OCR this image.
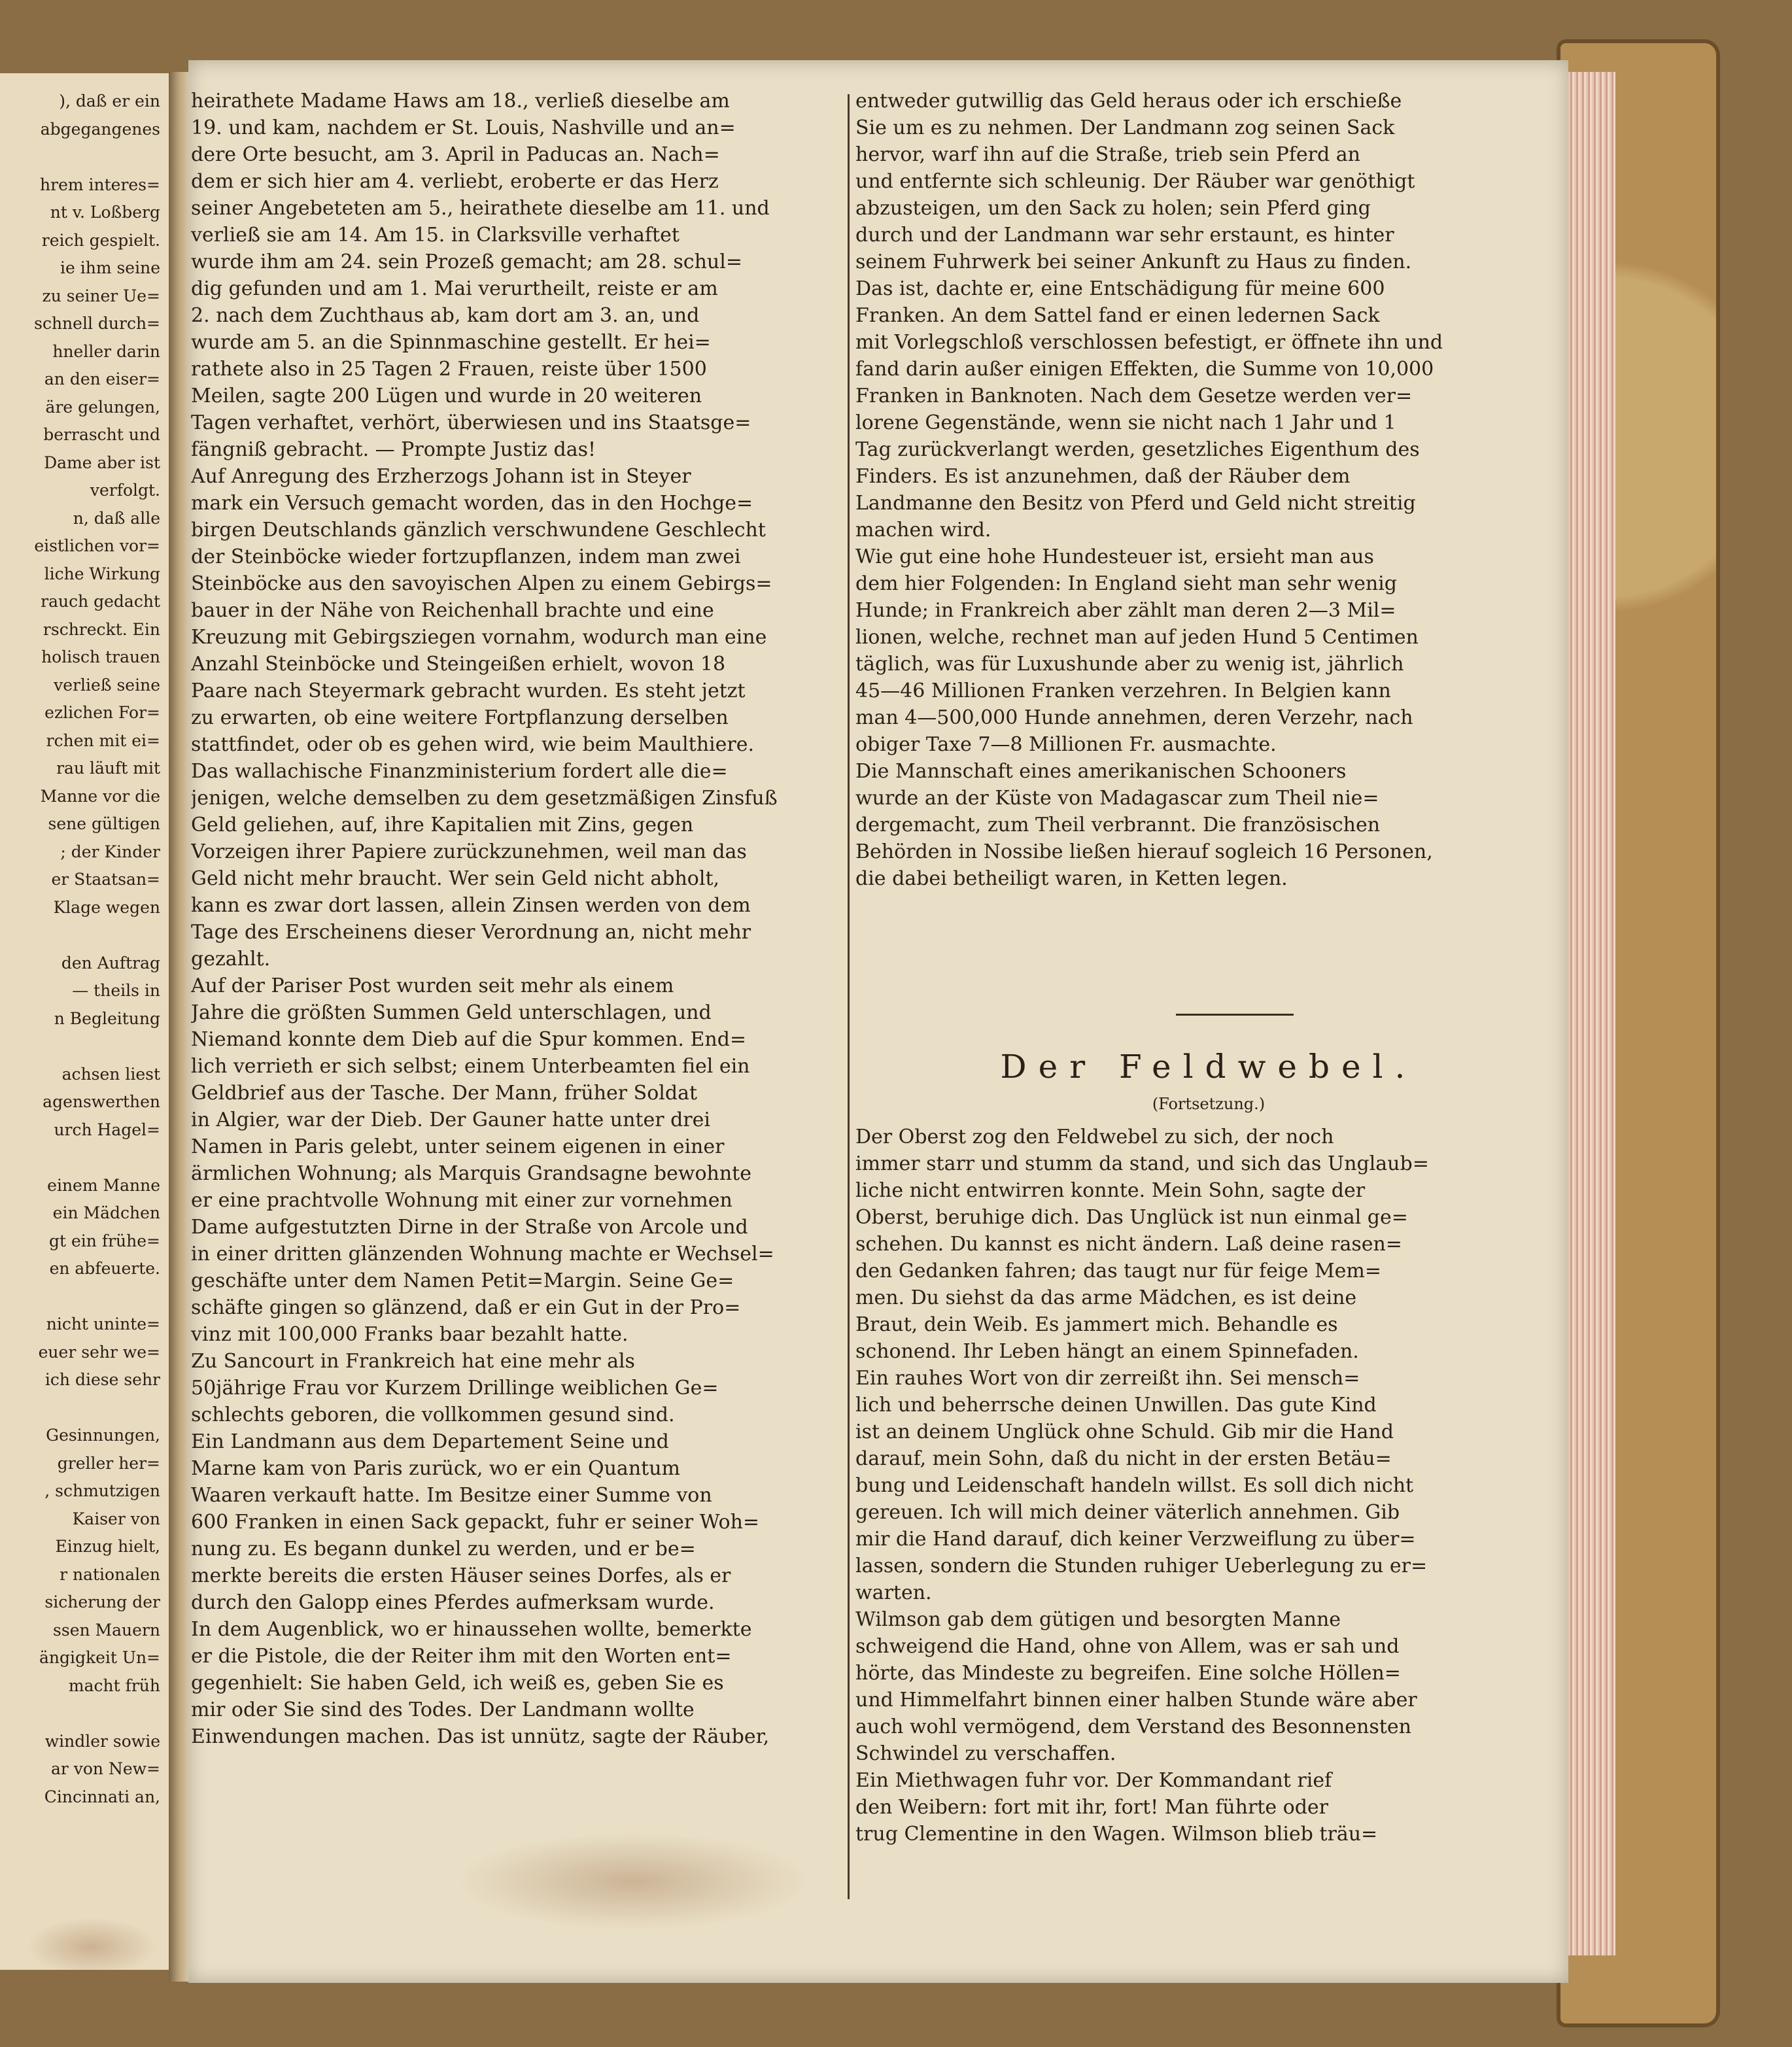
), daß er ein
abgegangenes
hrem interes=
nt v. Loßberg
reich gespielt.
ie ihm seine
zu seiner Ue=
schnell durch=
hneller darin
an den eiser=
äre gelungen,
berrascht und
Dame aber ist
verfolgt.
n, daß alle
eistlichen vor=
liche Wirkung
rauch gedacht
rschreckt. Ein
holisch trauen
verließ seine
ezlichen For=
rchen mit ei=
rau läuft mit
Manne vor die
sene gültigen
; der Kinder
er Staatsan=
Klage wegen
den Auftrag
— theils in
n Begleitung
achsen liest
agenswerthen
urch Hagel=
einem Manne
ein Mädchen
gt ein frühe=
en abfeuerte.
nicht uninte=
euer sehr we=
ich diese sehr
Gesinnungen,
greller her=
, schmutzigen
Kaiser von
Einzug hielt,
r nationalen
sicherung der
ssen Mauern
ängigkeit Un=
macht früh
windler sowie
ar von New=
Cincinnati an,
heirathete Madame Haws am 18., verließ dieselbe am
19. und kam, nachdem er St. Louis, Nashville und an=
dere Orte besucht, am 3. April in Paducas an. Nach=
dem er sich hier am 4. verliebt, eroberte er das Herz
seiner Angebeteten am 5., heirathete dieselbe am 11. und
verließ sie am 14. Am 15. in Clarksville verhaftet
wurde ihm am 24. sein Prozeß gemacht; am 28. schul=
dig gefunden und am 1. Mai verurtheilt, reiste er am
2. nach dem Zuchthaus ab, kam dort am 3. an, und
wurde am 5. an die Spinnmaschine gestellt. Er hei=
rathete also in 25 Tagen 2 Frauen, reiste über 1500
Meilen, sagte 200 Lügen und wurde in 20 weiteren
Tagen verhaftet, verhört, überwiesen und ins Staatsge=
fängniß gebracht. — Prompte Justiz das!
Auf Anregung des Erzherzogs Johann ist in Steyer
mark ein Versuch gemacht worden, das in den Hochge=
birgen Deutschlands gänzlich verschwundene Geschlecht
der Steinböcke wieder fortzupflanzen, indem man zwei
Steinböcke aus den savoyischen Alpen zu einem Gebirgs=
bauer in der Nähe von Reichenhall brachte und eine
Kreuzung mit Gebirgsziegen vornahm, wodurch man eine
Anzahl Steinböcke und Steingeißen erhielt, wovon 18
Paare nach Steyermark gebracht wurden. Es steht jetzt
zu erwarten, ob eine weitere Fortpflanzung derselben
stattfindet, oder ob es gehen wird, wie beim Maulthiere.
Das wallachische Finanzministerium fordert alle die=
jenigen, welche demselben zu dem gesetzmäßigen Zinsfuß
Geld geliehen, auf, ihre Kapitalien mit Zins, gegen
Vorzeigen ihrer Papiere zurückzunehmen, weil man das
Geld nicht mehr braucht. Wer sein Geld nicht abholt,
kann es zwar dort lassen, allein Zinsen werden von dem
Tage des Erscheinens dieser Verordnung an, nicht mehr
gezahlt.
Auf der Pariser Post wurden seit mehr als einem
Jahre die größten Summen Geld unterschlagen, und
Niemand konnte dem Dieb auf die Spur kommen. End=
lich verrieth er sich selbst; einem Unterbeamten fiel ein
Geldbrief aus der Tasche. Der Mann, früher Soldat
in Algier, war der Dieb. Der Gauner hatte unter drei
Namen in Paris gelebt, unter seinem eigenen in einer
ärmlichen Wohnung; als Marquis Grandsagne bewohnte
er eine prachtvolle Wohnung mit einer zur vornehmen
Dame aufgestutzten Dirne in der Straße von Arcole und
in einer dritten glänzenden Wohnung machte er Wechsel=
geschäfte unter dem Namen Petit=Margin. Seine Ge=
schäfte gingen so glänzend, daß er ein Gut in der Pro=
vinz mit 100,000 Franks baar bezahlt hatte.
Zu Sancourt in Frankreich hat eine mehr als
50jährige Frau vor Kurzem Drillinge weiblichen Ge=
schlechts geboren, die vollkommen gesund sind.
Ein Landmann aus dem Departement Seine und
Marne kam von Paris zurück, wo er ein Quantum
Waaren verkauft hatte. Im Besitze einer Summe von
600 Franken in einen Sack gepackt, fuhr er seiner Woh=
nung zu. Es begann dunkel zu werden, und er be=
merkte bereits die ersten Häuser seines Dorfes, als er
durch den Galopp eines Pferdes aufmerksam wurde.
In dem Augenblick, wo er hinaussehen wollte, bemerkte
er die Pistole, die der Reiter ihm mit den Worten ent=
gegenhielt: Sie haben Geld, ich weiß es, geben Sie es
mir oder Sie sind des Todes. Der Landmann wollte
Einwendungen machen. Das ist unnütz, sagte der Räuber,
entweder gutwillig das Geld heraus oder ich erschieße
Sie um es zu nehmen. Der Landmann zog seinen Sack
hervor, warf ihn auf die Straße, trieb sein Pferd an
und entfernte sich schleunig. Der Räuber war genöthigt
abzusteigen, um den Sack zu holen; sein Pferd ging
durch und der Landmann war sehr erstaunt, es hinter
seinem Fuhrwerk bei seiner Ankunft zu Haus zu finden.
Das ist, dachte er, eine Entschädigung für meine 600
Franken. An dem Sattel fand er einen ledernen Sack
mit Vorlegschloß verschlossen befestigt, er öffnete ihn und
fand darin außer einigen Effekten, die Summe von 10,000
Franken in Banknoten. Nach dem Gesetze werden ver=
lorene Gegenstände, wenn sie nicht nach 1 Jahr und 1
Tag zurückverlangt werden, gesetzliches Eigenthum des
Finders. Es ist anzunehmen, daß der Räuber dem
Landmanne den Besitz von Pferd und Geld nicht streitig
machen wird.
Wie gut eine hohe Hundesteuer ist, ersieht man aus
dem hier Folgenden: In England sieht man sehr wenig
Hunde; in Frankreich aber zählt man deren 2—3 Mil=
lionen, welche, rechnet man auf jeden Hund 5 Centimen
täglich, was für Luxushunde aber zu wenig ist, jährlich
45—46 Millionen Franken verzehren. In Belgien kann
man 4—500,000 Hunde annehmen, deren Verzehr, nach
obiger Taxe 7—8 Millionen Fr. ausmachte.
Die Mannschaft eines amerikanischen Schooners
wurde an der Küste von Madagascar zum Theil nie=
dergemacht, zum Theil verbrannt. Die französischen
Behörden in Nossibe ließen hierauf sogleich 16 Personen,
die dabei betheiligt waren, in Ketten legen.
Der Feldwebel.
(Fortsetzung.)
Der Oberst zog den Feldwebel zu sich, der noch
immer starr und stumm da stand, und sich das Unglaub=
liche nicht entwirren konnte. Mein Sohn, sagte der
Oberst, beruhige dich. Das Unglück ist nun einmal ge=
schehen. Du kannst es nicht ändern. Laß deine rasen=
den Gedanken fahren; das taugt nur für feige Mem=
men. Du siehst da das arme Mädchen, es ist deine
Braut, dein Weib. Es jammert mich. Behandle es
schonend. Ihr Leben hängt an einem Spinnefaden.
Ein rauhes Wort von dir zerreißt ihn. Sei mensch=
lich und beherrsche deinen Unwillen. Das gute Kind
ist an deinem Unglück ohne Schuld. Gib mir die Hand
darauf, mein Sohn, daß du nicht in der ersten Betäu=
bung und Leidenschaft handeln willst. Es soll dich nicht
gereuen. Ich will mich deiner väterlich annehmen. Gib
mir die Hand darauf, dich keiner Verzweiflung zu über=
lassen, sondern die Stunden ruhiger Ueberlegung zu er=
warten.
Wilmson gab dem gütigen und besorgten Manne
schweigend die Hand, ohne von Allem, was er sah und
hörte, das Mindeste zu begreifen. Eine solche Höllen=
und Himmelfahrt binnen einer halben Stunde wäre aber
auch wohl vermögend, dem Verstand des Besonnensten
Schwindel zu verschaffen.
Ein Miethwagen fuhr vor. Der Kommandant rief
den Weibern: fort mit ihr, fort! Man führte oder
trug Clementine in den Wagen. Wilmson blieb träu=
